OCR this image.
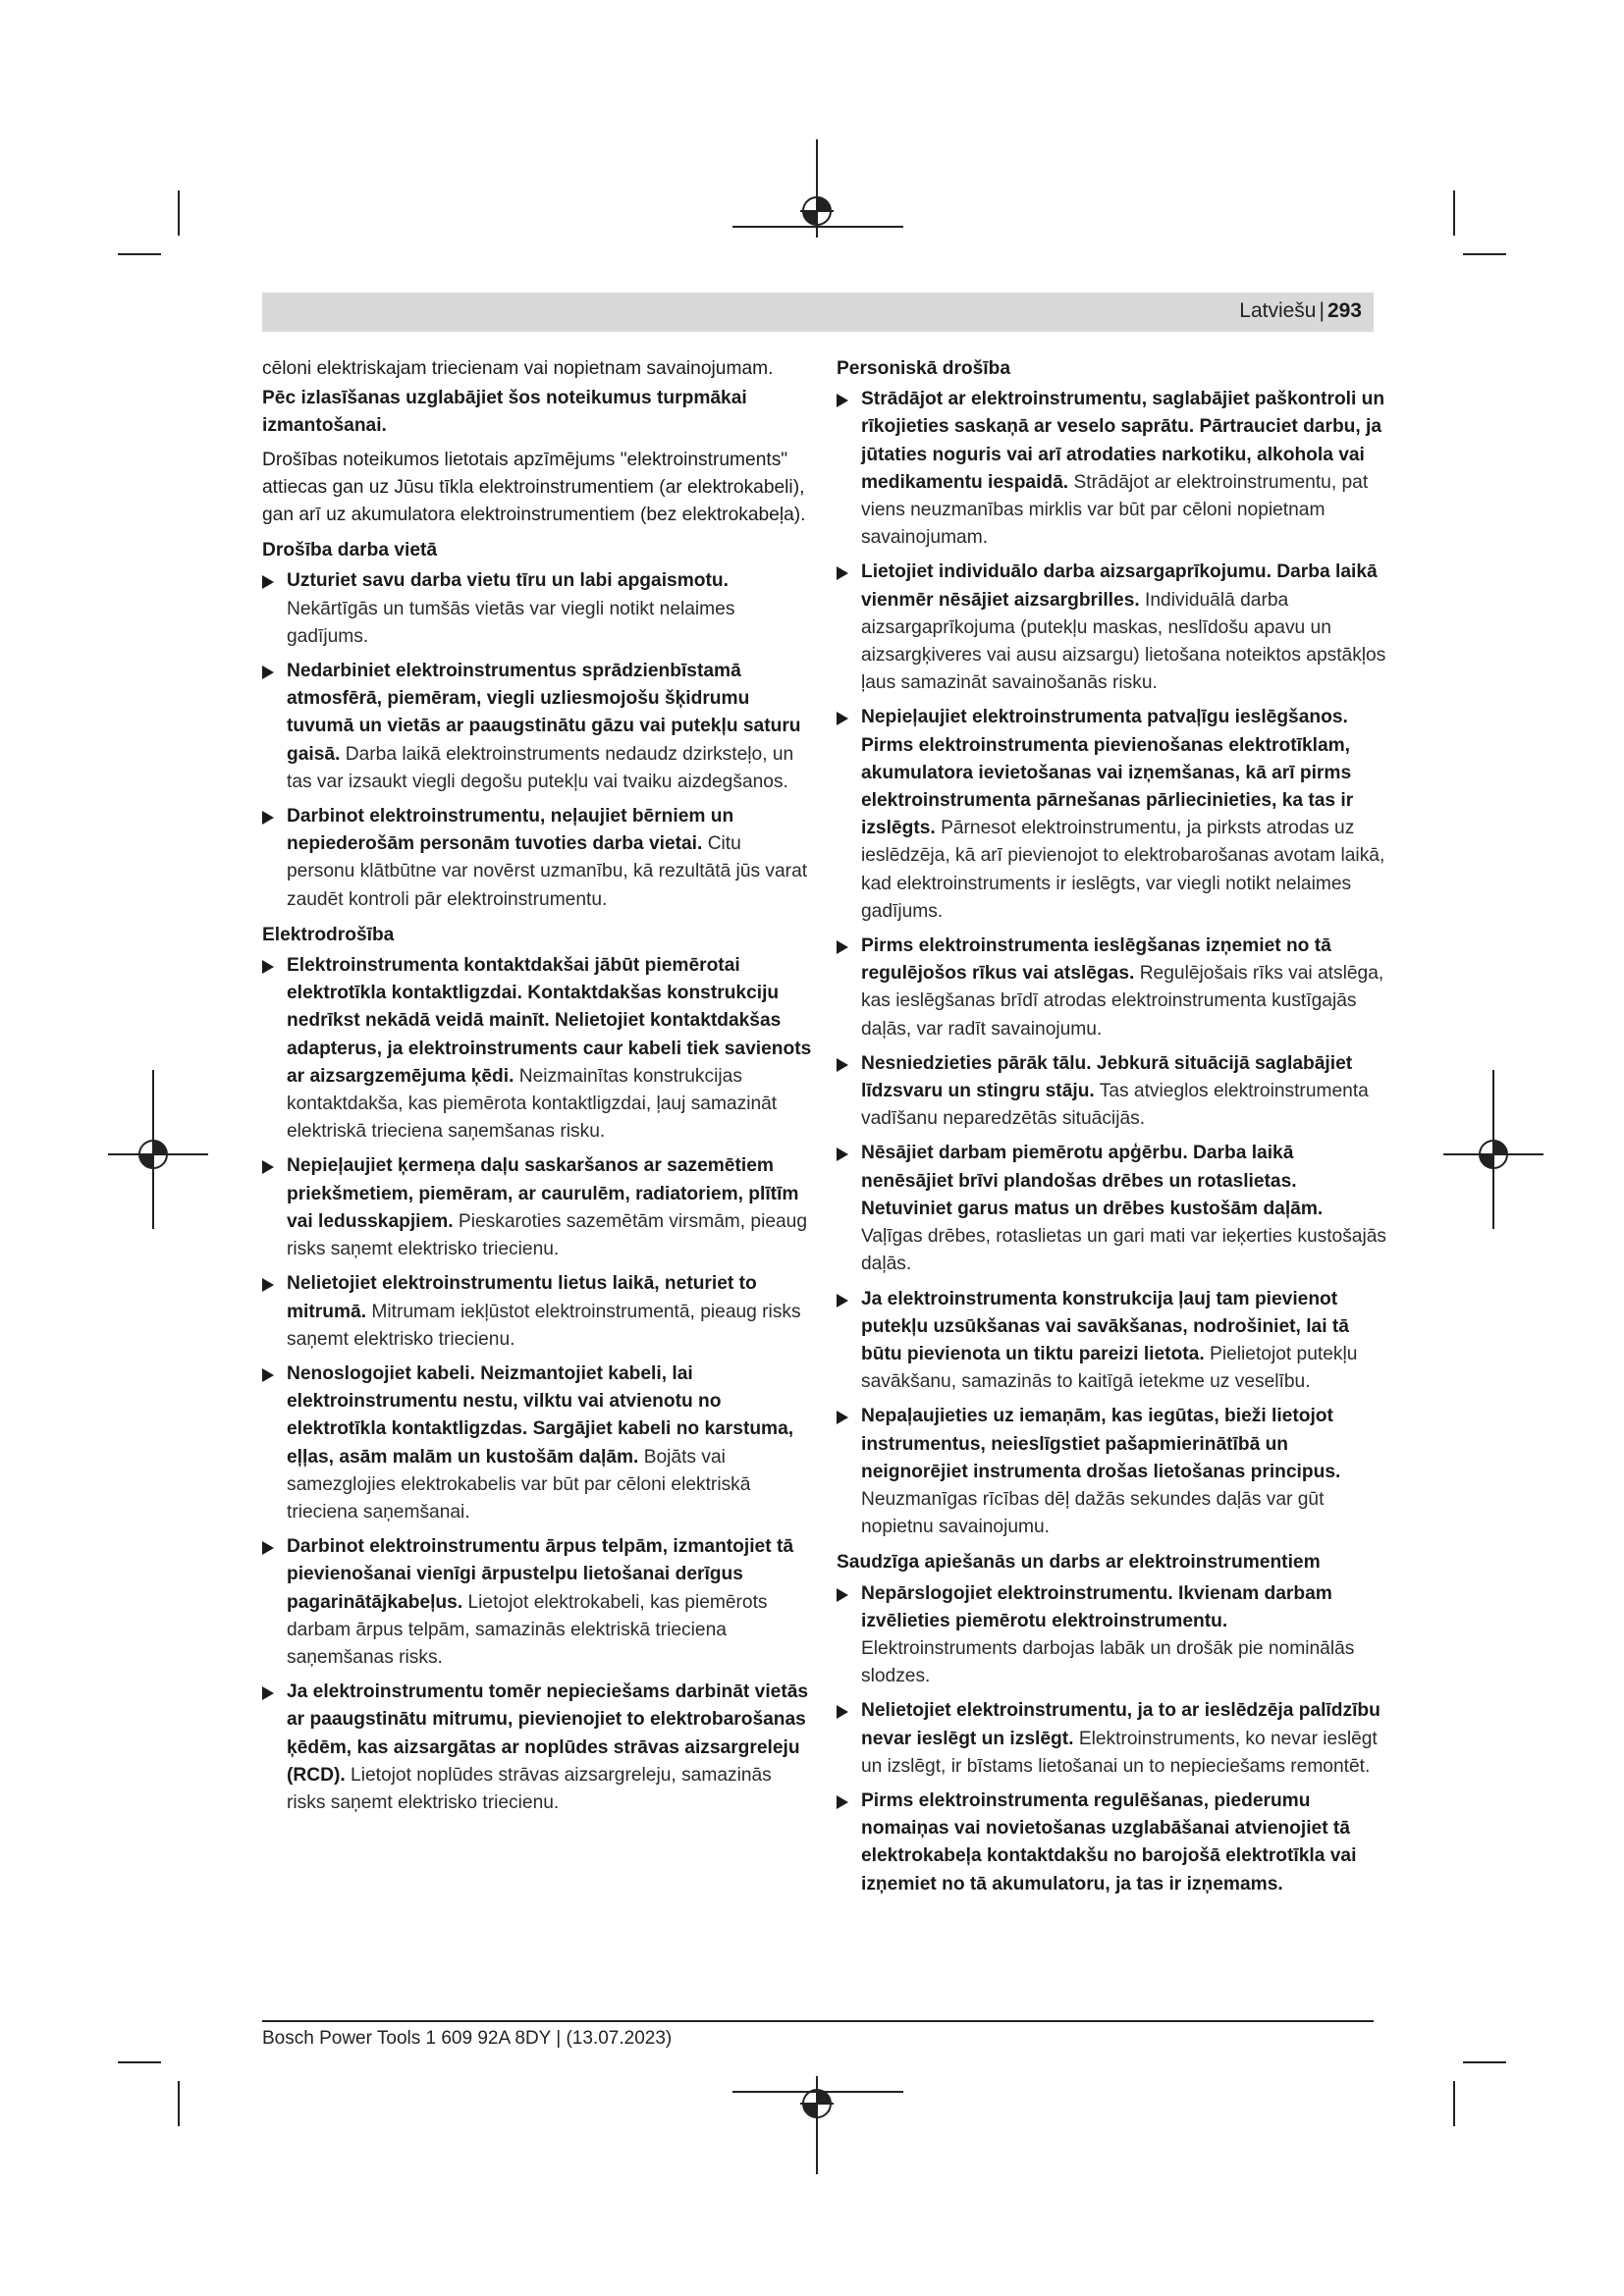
Latviešu | 293
cēloni elektriskajam triecienam vai nopietnam savainojumam.
Pēc izlasīšanas uzglabājiet šos noteikumus turpmākai izmantošanai.
Drošības noteikumos lietotais apzīmējums "elektroinstruments" attiecas gan uz Jūsu tīkla elektroinstrumentiem (ar elektrokabeli), gan arī uz akumulatora elektroinstrumentiem (bez elektrokabeļa).
Drošība darba vietā
Uzturiet savu darba vietu tīru un labi apgaismotu. Nekārtīgās un tumšās vietās var viegli notikt nelaimes gadījums.
Nedarbiniet elektroinstrumentus sprādzienbīstamā atmosfērā, piemēram, viegli uzliesmojošu šķidrumu tuvumā un vietās ar paaugstinātu gāzu vai putekļu saturu gaisā. Darba laikā elektroinstruments nedaudz dzirksteļo, un tas var izsaukt viegli degošu putekļu vai tvaiku aizdegšanos.
Darbinot elektroinstrumentu, neļaujiet bērniem un nepiederošām personām tuvoties darba vietai. Citu personu klātbūtne var novērst uzmanību, kā rezultātā jūs varat zaudēt kontroli pār elektroinstrumentu.
Elektrodrošība
Elektroinstrumenta kontaktdakšai jābūt piemērotai elektrotīkla kontaktligzdai. Kontaktdakšas konstrukciju nedrīkst nekādā veidā mainīt. Nelietojiet kontaktdakšas adapterus, ja elektroinstruments caur kabeli tiek savienots ar aizsargzemējuma ķēdi. Neizmainītas konstrukcijas kontaktdakša, kas piemērota kontaktligzdai, ļauj samazināt elektriskā trieciena saņemšanas risku.
Nepieļaujiet ķermeņa daļu saskaršanos ar sazemētiem priekšmetiem, piemēram, ar caurulēm, radiatoriem, plītīm vai ledusskapjiem. Pieskaroties sazemētām virsmām, pieaug risks saņemt elektrisko triecienu.
Nelietojiet elektroinstrumentu lietus laikā, neturiet to mitrumā. Mitrumam iekļūstot elektroinstrumentā, pieaug risks saņemt elektrisko triecienu.
Nenoslogojiet kabeli. Neizmantojiet kabeli, lai elektroinstrumentu nestu, vilktu vai atvienotu no elektrotīkla kontaktligzdas. Sargājiet kabeli no karstuma, eļļas, asām malām un kustošām daļām. Bojāts vai samezglojies elektrokabelis var būt par cēloni elektriskā trieciena saņemšanai.
Darbinot elektroinstrumentu ārpus telpām, izmantojiet tā pievienošanai vienīgi ārpustelpu lietošanai derīgus pagarinātājkabeļus. Lietojot elektrokabeli, kas piemērots darbam ārpus telpām, samazinās elektriskā trieciena saņemšanas risks.
Ja elektroinstrumentu tomēr nepieciešams darbināt vietās ar paaugstinātu mitrumu, pievienojiet to elektrobarošanas ķēdēm, kas aizsargātas ar noplūdes strāvas aizsargreleju (RCD). Lietojot noplūdes strāvas aizsargreleju, samazinās risks saņemt elektrisko triecienu.
Personiskā drošība
Strādājot ar elektroinstrumentu, saglabājiet paškontroli un rīkojieties saskaņā ar veselo saprātu. Pārtrauciet darbu, ja jūtaties noguris vai arī atrodaties narkotiku, alkohola vai medikamentu iespaidā. Strādājot ar elektroinstrumentu, pat viens neuzmanības mirklis var būt par cēloni nopietnam savainojumam.
Lietojiet individuālo darba aizsargaprīkojumu. Darba laikā vienmēr nēsājiet aizsargbrilles. Individuālā darba aizsargaprīkojuma (putekļu maskas, neslīdošu apavu un aizsargķiveres vai ausu aizsargu) lietošana noteiktos apstākļos ļaus samazināt savainošanās risku.
Nepieļaujiet elektroinstrumenta patvaļīgu ieslēgšanos. Pirms elektroinstrumenta pievienošanas elektrotīklam, akumulatora ievietošanas vai izņemšanas, kā arī pirms elektroinstrumenta pārnešanas pārliecinieties, ka tas ir izslēgts. Pārnesot elektroinstrumentu, ja pirksts atrodas uz ieslēdzēja, kā arī pievienojot to elektrobarošanas avotam laikā, kad elektroinstruments ir ieslēgts, var viegli notikt nelaimes gadījums.
Pirms elektroinstrumenta ieslēgšanas izņemiet no tā regulējošos rīkus vai atslēgas. Regulējošais rīks vai atslēga, kas ieslēgšanas brīdī atrodas elektroinstrumenta kustīgajās daļās, var radīt savainojumu.
Nesniedzieties pārāk tālu. Jebkurā situācijā saglabājiet līdzsvaru un stingru stāju. Tas atvieglos elektroinstrumenta vadīšanu neparedzētās situācijās.
Nēsājiet darbam piemērotu apģērbu. Darba laikā nenēsājiet brīvi plandošas drēbes un rotaslietas. Netuviniet garus matus un drēbes kustošām daļām. Vaļīgas drēbes, rotaslietas un gari mati var ieķerties kustošajās daļās.
Ja elektroinstrumenta konstrukcija ļauj tam pievienot putekļu uzsūkšanas vai savākšanas, nodrošiniet, lai tā būtu pievienota un tiktu pareizi lietota. Pielietojot putekļu savākšanu, samazinās to kaitīgā ietekme uz veselību.
Nepaļaujieties uz iemaņām, kas iegūtas, bieži lietojot instrumentus, neieslīgstiet pašapmierinātībā un neignorējiet instrumenta drošas lietošanas principus. Neuzmanīgas rīcības dēļ dažās sekundes daļās var gūt nopietnu savainojumu.
Saudzīga apiešanās un darbs ar elektroinstrumentiem
Nepārslogojiet elektroinstrumentu. Ikvienam darbam izvēlieties piemērotu elektroinstrumentu. Elektroinstruments darbojas labāk un drošāk pie nominālās slodzes.
Nelietojiet elektroinstrumentu, ja to ar ieslēdzēja palīdzību nevar ieslēgt un izslēgt. Elektroinstruments, ko nevar ieslēgt un izslēgt, ir bīstams lietošanai un to nepieciešams remontēt.
Pirms elektroinstrumenta regulēšanas, piederumu nomaiņas vai novietošanas uzglabāšanai atvienojiet tā elektrokabeļa kontaktdakšu no barojošā elektrotīkla vai izņemiet no tā akumulatoru, ja tas ir izņemams.
Bosch Power Tools 1 609 92A 8DY | (13.07.2023)
